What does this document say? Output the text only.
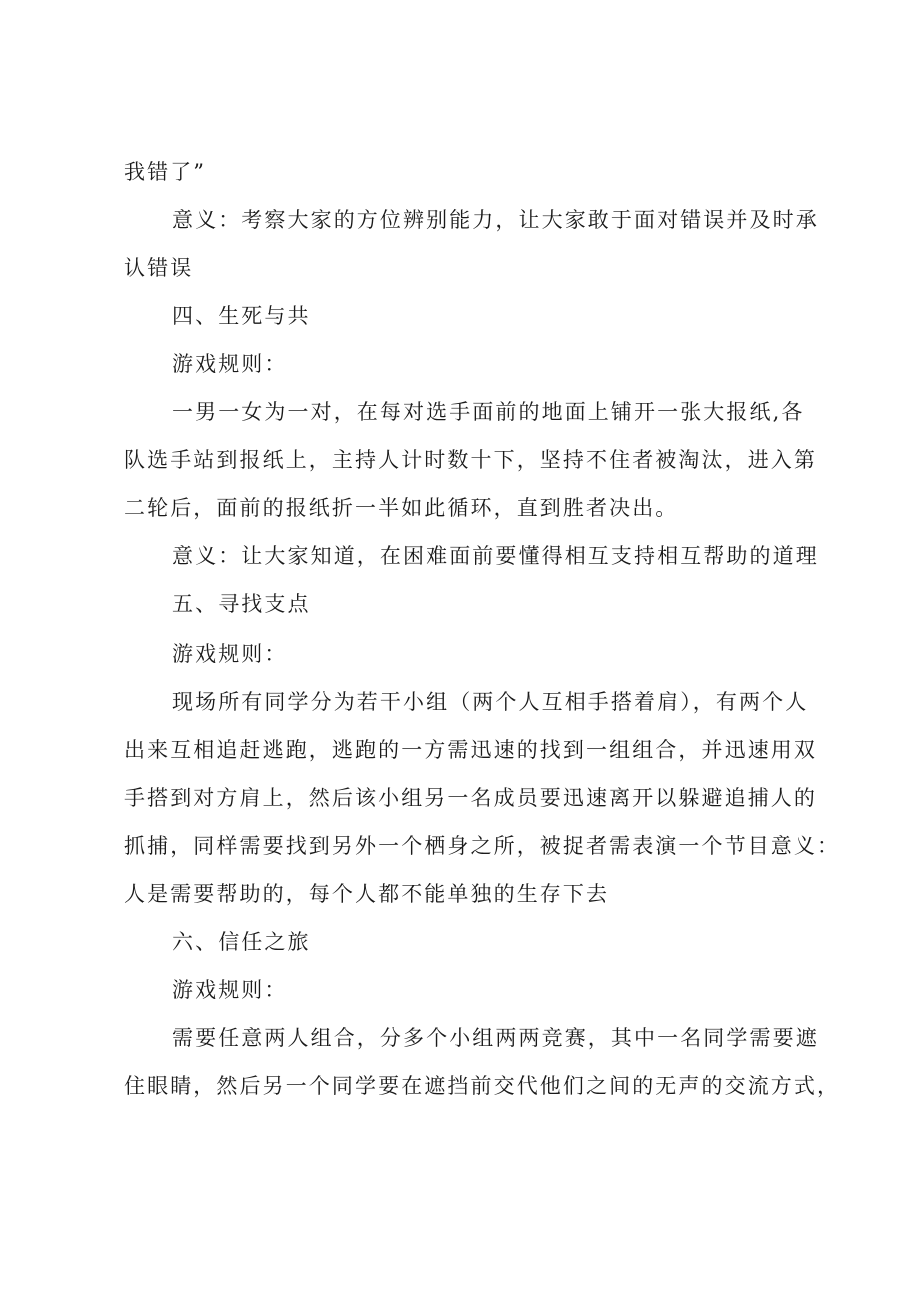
我错了”
意义：考察大家的方位辨别能力，让大家敢于面对错误并及时承
认错误
四、生死与共
游戏规则：
一男一女为一对，在每对选手面前的地面上铺开一张大报纸,各
队选手站到报纸上，主持人计时数十下，坚持不住者被淘汰，进入第
二轮后，面前的报纸折一半如此循环，直到胜者决出。
意义：让大家知道，在困难面前要懂得相互支持相互帮助的道理
五、寻找支点
游戏规则：
现场所有同学分为若干小组（两个人互相手搭着肩），有两个人
出来互相追赶逃跑，逃跑的一方需迅速的找到一组组合，并迅速用双
手搭到对方肩上，然后该小组另一名成员要迅速离开以躲避追捕人的
抓捕，同样需要找到另外一个栖身之所，被捉者需表演一个节目意义：
人是需要帮助的，每个人都不能单独的生存下去
六、信任之旅
游戏规则：
需要任意两人组合，分多个小组两两竞赛，其中一名同学需要遮
住眼睛，然后另一个同学要在遮挡前交代他们之间的无声的交流方式，
